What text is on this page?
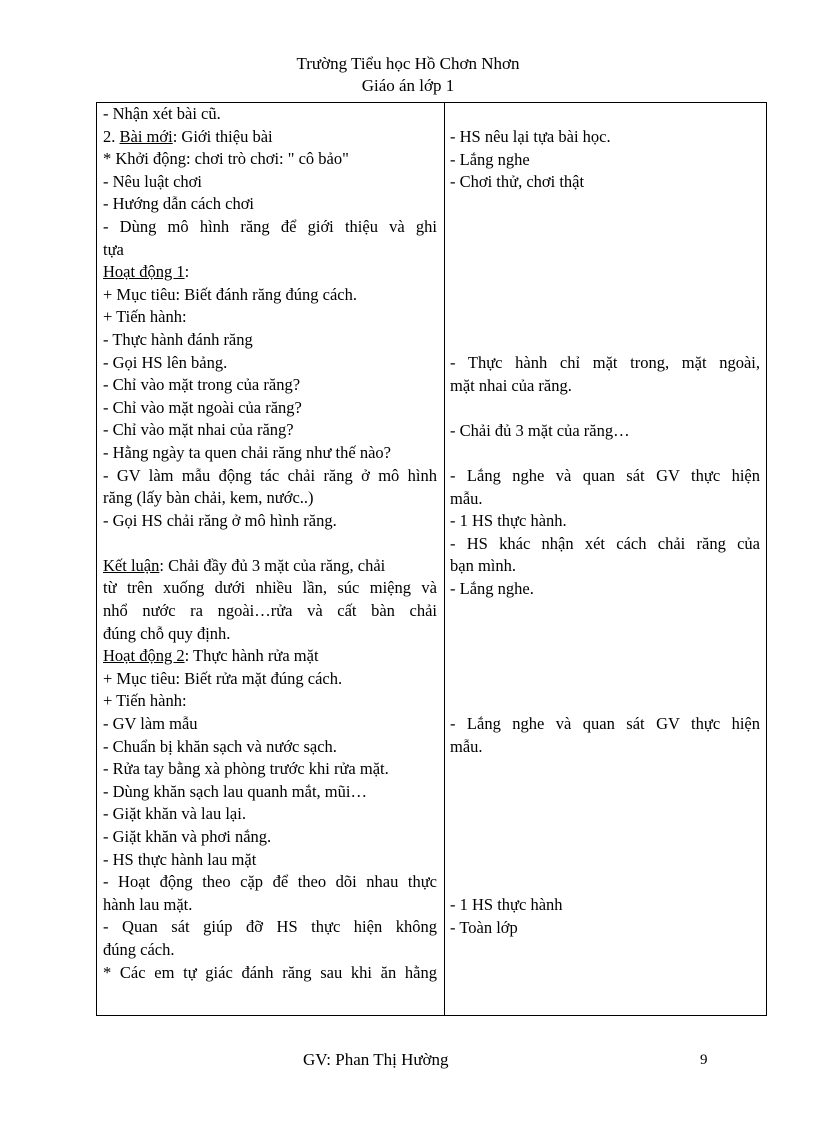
Trường Tiểu học Hồ Chơn Nhơn
Giáo án lớp 1
- Nhận xét bài cũ.
2. Bài mới: Giới thiệu bài
* Khởi động: chơi trò chơi: " cô bảo"
- Nêu luật chơi
- Hướng dẫn cách chơi
- Dùng mô hình răng để giới thiệu và ghi
tựa
Hoạt động 1:
+ Mục tiêu: Biết đánh răng đúng cách.
+ Tiến hành:
- Thực hành đánh răng
- Gọi HS lên bảng.
- Chỉ vào mặt trong của răng?
- Chỉ vào mặt ngoài của răng?
- Chỉ vào mặt nhai của răng?
- Hằng ngày ta quen chải răng như thế nào?
- GV làm mẫu động tác chải răng ở mô hình
răng (lấy bàn chải, kem, nước..)
- Gọi HS chải răng ở mô hình răng.
Kết luận: Chải đầy đủ 3 mặt của răng, chải
từ trên xuống dưới nhiều lần, súc miệng và
nhổ nước ra ngoài…rửa và cất bàn chải
đúng chỗ quy định.
Hoạt động 2: Thực hành rửa mặt
+ Mục tiêu: Biết rửa mặt đúng cách.
+ Tiến hành:
- GV làm mẫu
- Chuẩn bị khăn sạch và nước sạch.
- Rửa tay bằng xà phòng trước khi rửa mặt.
- Dùng khăn sạch lau quanh mắt, mũi…
- Giặt khăn và lau lại.
- Giặt khăn và phơi nắng.
- HS thực hành lau mặt
- Hoạt động theo cặp để theo dõi nhau thực
hành lau mặt.
- Quan sát giúp đỡ HS thực hiện không
đúng cách.
* Các em tự giác đánh răng sau khi ăn hằng
- HS nêu lại tựa bài học.
- Lắng nghe
- Chơi thử, chơi thật
- Thực hành chỉ mặt trong, mặt ngoài,
mặt nhai của răng.
- Chải đủ 3 mặt của răng…
- Lắng nghe và quan sát GV thực hiện
mẫu.
- 1 HS thực hành.
- HS khác nhận xét cách chải răng của
bạn mình.
- Lắng nghe.
- Lắng nghe và quan sát GV thực hiện
mẫu.
- 1 HS thực hành
- Toàn lớp
GV: Phan Thị Hường	9
